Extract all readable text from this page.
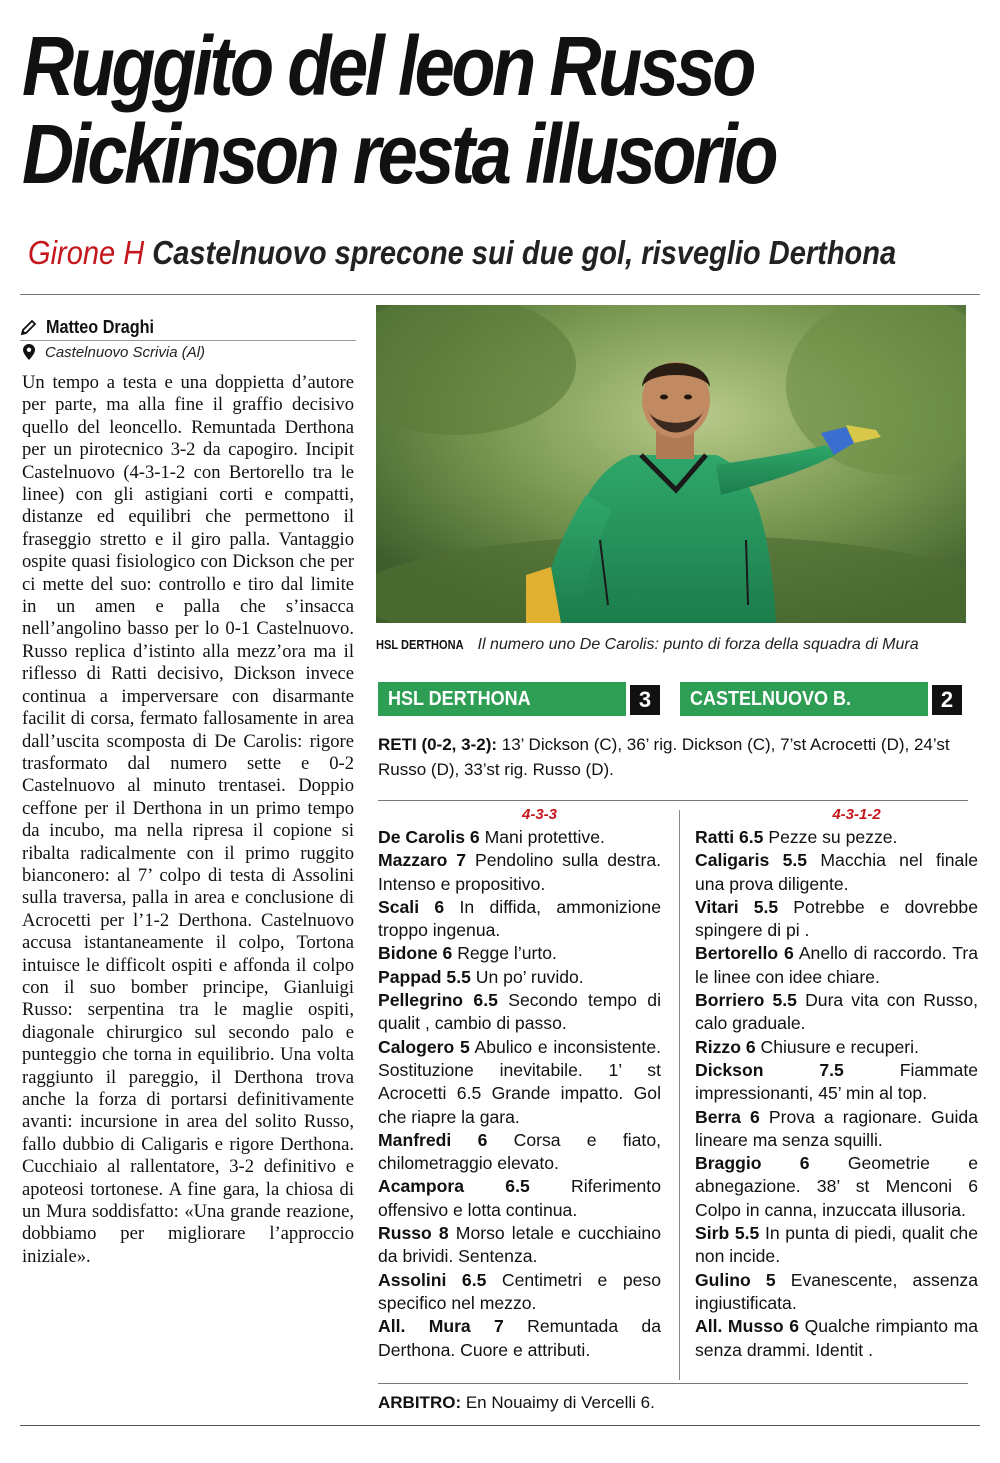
Ruggito del leon Russo
Dickinson resta illusorio
Girone H Castelnuovo sprecone sui due gol, risveglio Derthona
Matteo Draghi
Castelnuovo Scrivia (Al)

Un tempo a testa e una doppietta d’autore per parte, ma alla fine il graffio decisivo quello del leoncello. Remuntada Derthona per un pirotecnico 3-2 da capogiro. Incipit Castelnuovo (4-3-1-2 con Bertorello tra le linee) con gli astigiani corti e compatti, distanze ed equilibri che permettono il fraseggio stretto e il giro palla. Vantaggio ospite quasi fisiologico con Dickson che per ci mette del suo: controllo e tiro dal limite in un amen e palla che s’insacca nell’angolino basso per lo 0-1 Castelnuovo. Russo replica d’istinto alla mezz’ora ma il riflesso di Ratti decisivo, Dickson invece continua a imperversare con disarmante facilit di corsa, fermato fallosamente in area dall’uscita scomposta di De Carolis: rigore trasformato dal numero sette e 0-2 Castelnuovo al minuto trentasei. Doppio ceffone per il Derthona in un primo tempo da incubo, ma nella ripresa il copione si ribalta radicalmente con il primo ruggito bianconero: al 7’ colpo di testa di Assolini sulla traversa, palla in area e conclusione di Acrocetti per l’1-2 Derthona. Castelnuovo accusa istantaneamente il colpo, Tortona intuisce le difficolt ospiti e affonda il colpo con il suo bomber principe, Gianluigi Russo: serpentina tra le maglie ospiti, diagonale chirurgico sul secondo palo e punteggio che torna in equilibrio. Una volta raggiunto il pareggio, il Derthona trova anche la forza di portarsi definitivamente avanti: incursione in area del solito Russo, fallo dubbio di Caligaris e rigore Derthona. Cucchiaio al rallentatore, 3-2 definitivo e apoteosi tortonese. A fine gara, la chiosa di un Mura soddisfatto: «Una grande reazione, dobbiamo per migliorare l’approccio iniziale».

HSL DERTHONA Il numero uno De Carolis: punto di forza della squadra di Mura
HSL DERTHONA	3	CASTELNUOVO B.	2
RETI (0-2, 3-2): 13’ Dickson (C), 36’ rig. Dickson (C), 7’st Acrocetti (D), 24’st Russo (D), 33’st rig. Russo (D).
4-3-3
De Carolis 6 Mani protettive.
Mazzaro 7 Pendolino sulla destra. Intenso e propositivo.
Scali 6 In diffida, ammonizione troppo ingenua.
Bidone 6 Regge l’urto.
Pappad 5.5 Un po’ ruvido.
Pellegrino 6.5 Secondo tempo di qualit , cambio di passo.
Calogero 5 Abulico e inconsistente. Sostituzione inevitabile. 1’ st Acrocetti 6.5 Grande impatto. Gol che riapre la gara.
Manfredi 6 Corsa e fiato, chilometraggio elevato.
Acampora 6.5 Riferimento offensivo e lotta continua.
Russo 8 Morso letale e cucchiaino da brividi. Sentenza.
Assolini 6.5 Centimetri e peso specifico nel mezzo.
All. Mura 7 Remuntada da Derthona. Cuore e attributi.
4-3-1-2
Ratti 6.5 Pezze su pezze.
Caligaris 5.5 Macchia nel finale una prova diligente.
Vitari 5.5 Potrebbe e dovrebbe spingere di pi .
Bertorello 6 Anello di raccordo. Tra le linee con idee chiare.
Borriero 5.5 Dura vita con Russo, calo graduale.
Rizzo 6 Chiusure e recuperi.
Dickson 7.5	Fiammate impressionanti, 45’ min al top.
Berra 6 Prova a ragionare. Guida lineare ma senza squilli.
Braggio 6 Geometrie e abnegazione. 38’ st Menconi 6 Colpo in canna, inzuccata illusoria.
Sirb 5.5 In punta di piedi, qualit che non incide.
Gulino 5 Evanescente, assenza ingiustificata.
All. Musso 6 Qualche rimpianto ma senza drammi. Identit .
ARBITRO: En Nouaimy di Vercelli 6.
